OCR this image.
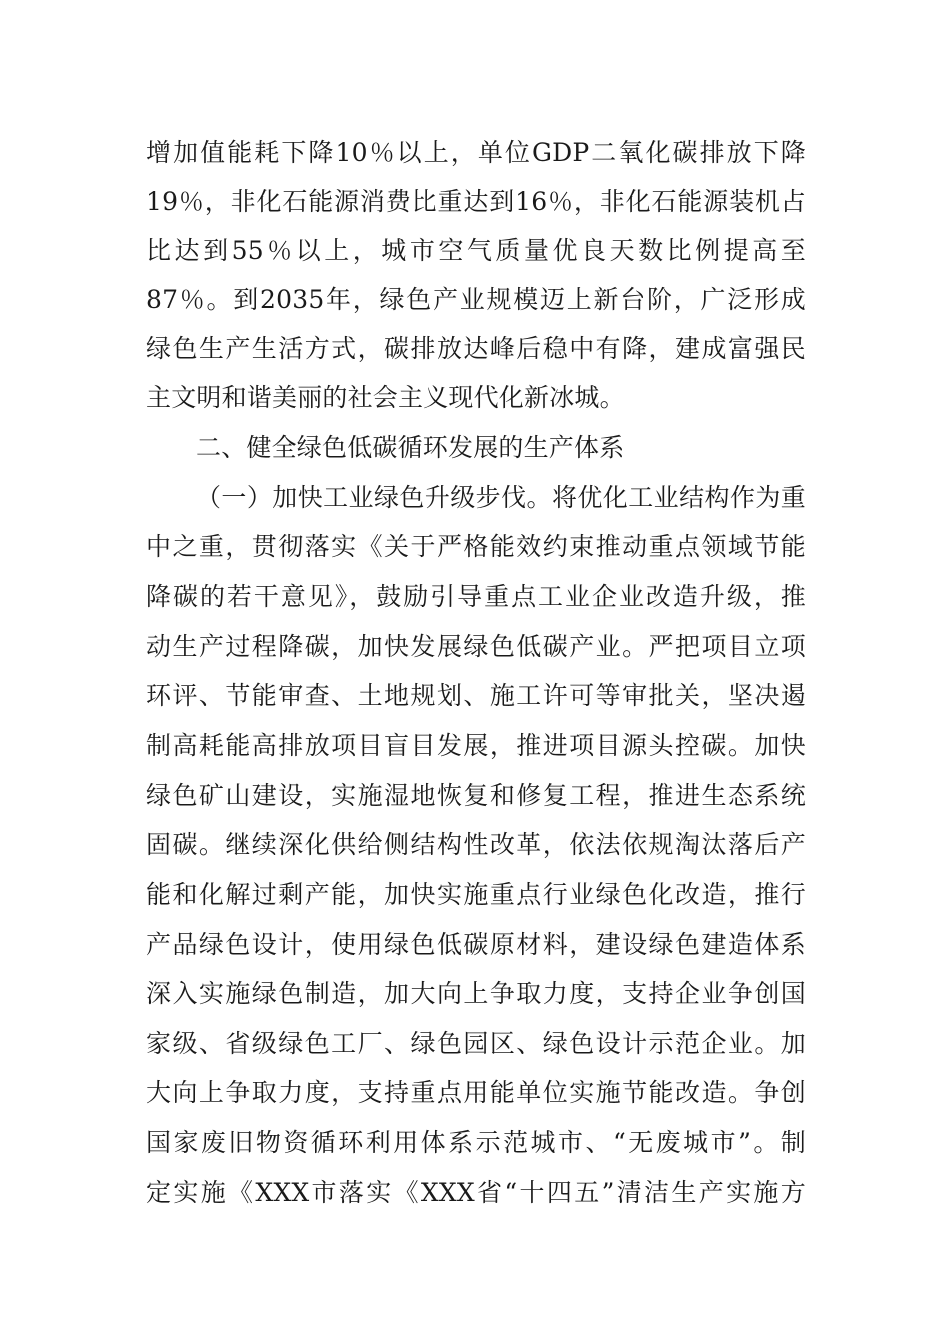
增加值能耗下降10％以上，单位GDP二氧化碳排放下降
19％，非化石能源消费比重达到16％，非化石能源装机占
比达到55％以上，城市空气质量优良天数比例提高至
87％。到2035年，绿色产业规模迈上新台阶，广泛形成
绿色生产生活方式，碳排放达峰后稳中有降，建成富强民
主文明和谐美丽的社会主义现代化新冰城。
二、健全绿色低碳循环发展的生产体系
（一）加快工业绿色升级步伐。将优化工业结构作为重
中之重，贯彻落实《关于严格能效约束推动重点领域节能
降碳的若干意见》，鼓励引导重点工业企业改造升级，推
动生产过程降碳，加快发展绿色低碳产业。严把项目立项
环评、节能审查、土地规划、施工许可等审批关，坚决遏
制高耗能高排放项目盲目发展，推进项目源头控碳。加快
绿色矿山建设，实施湿地恢复和修复工程，推进生态系统
固碳。继续深化供给侧结构性改革，依法依规淘汰落后产
能和化解过剩产能，加快实施重点行业绿色化改造，推行
产品绿色设计，使用绿色低碳原材料，建设绿色建造体系
深入实施绿色制造，加大向上争取力度，支持企业争创国
家级、省级绿色工厂、绿色园区、绿色设计示范企业。加
大向上争取力度，支持重点用能单位实施节能改造。争创
国家废旧物资循环利用体系示范城市、“无废城市”。制
定实施《XXX市落实《XXX省“十四五”清洁生产实施方
